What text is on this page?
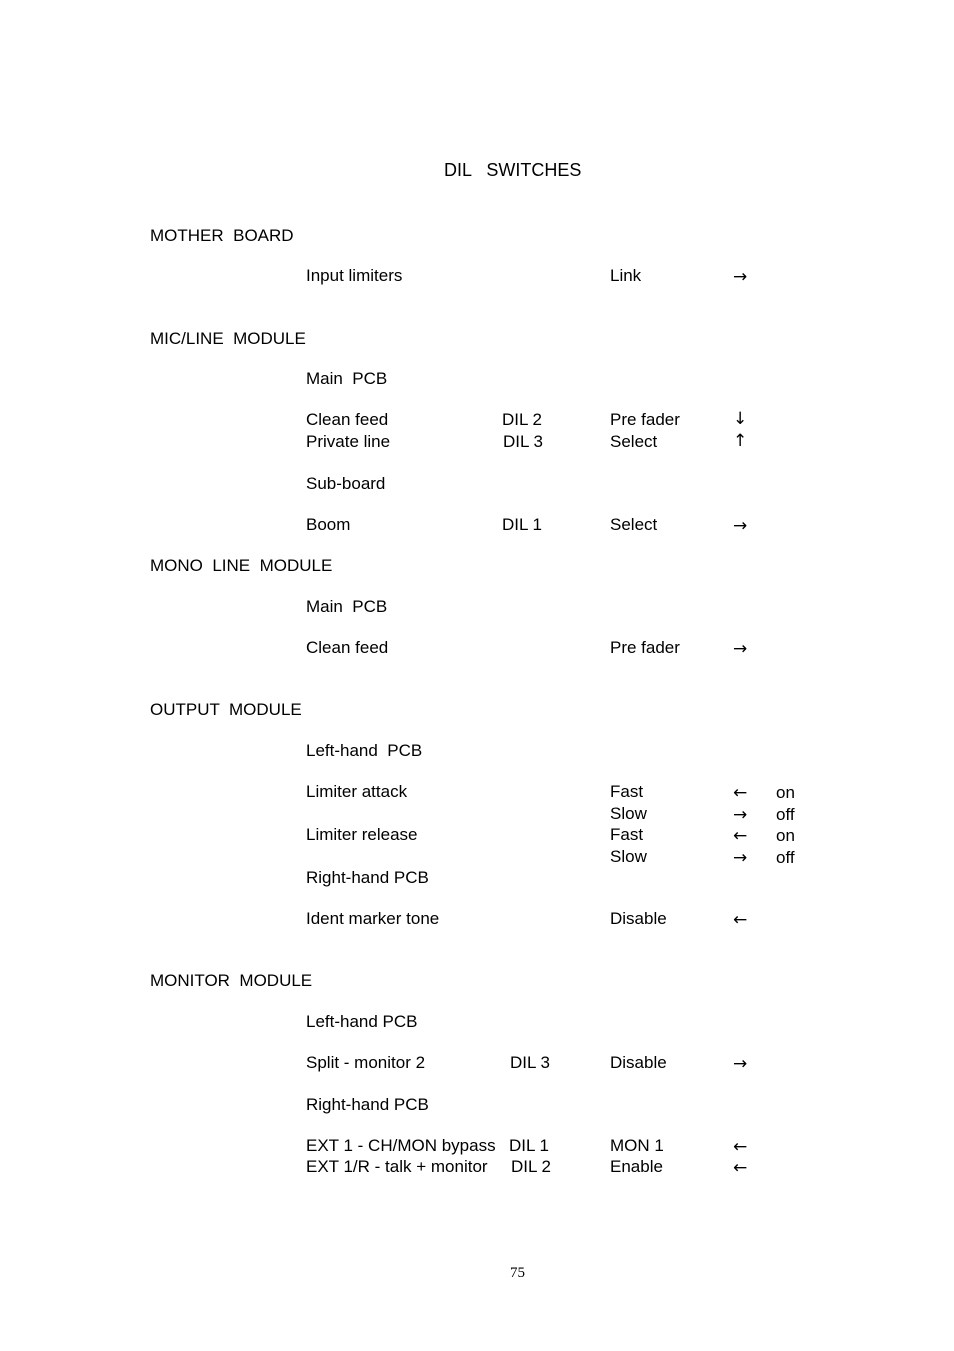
DIL   SWITCHES
MOTHER  BOARD
Input limiters	Link	→
MIC/LINE  MODULE
Main  PCB
Clean feed	DIL 2	Pre fader	↓
Private line	DIL 3	Select	↑
Sub-board
Boom	DIL 1	Select	→
MONO  LINE  MODULE
Main  PCB
Clean feed	Pre fader	→
OUTPUT  MODULE
Left-hand  PCB
Limiter attack	Fast	← on
Slow	→ off
Limiter release	Fast	← on
Slow	→ off
Right-hand PCB
Ident marker tone	Disable	←
MONITOR  MODULE
Left-hand PCB
Split - monitor 2	DIL 3	Disable	→
Right-hand PCB
EXT 1 - CH/MON bypass DIL 1	MON 1	←
EXT 1/R - talk + monitor DIL 2	Enable	←
75
